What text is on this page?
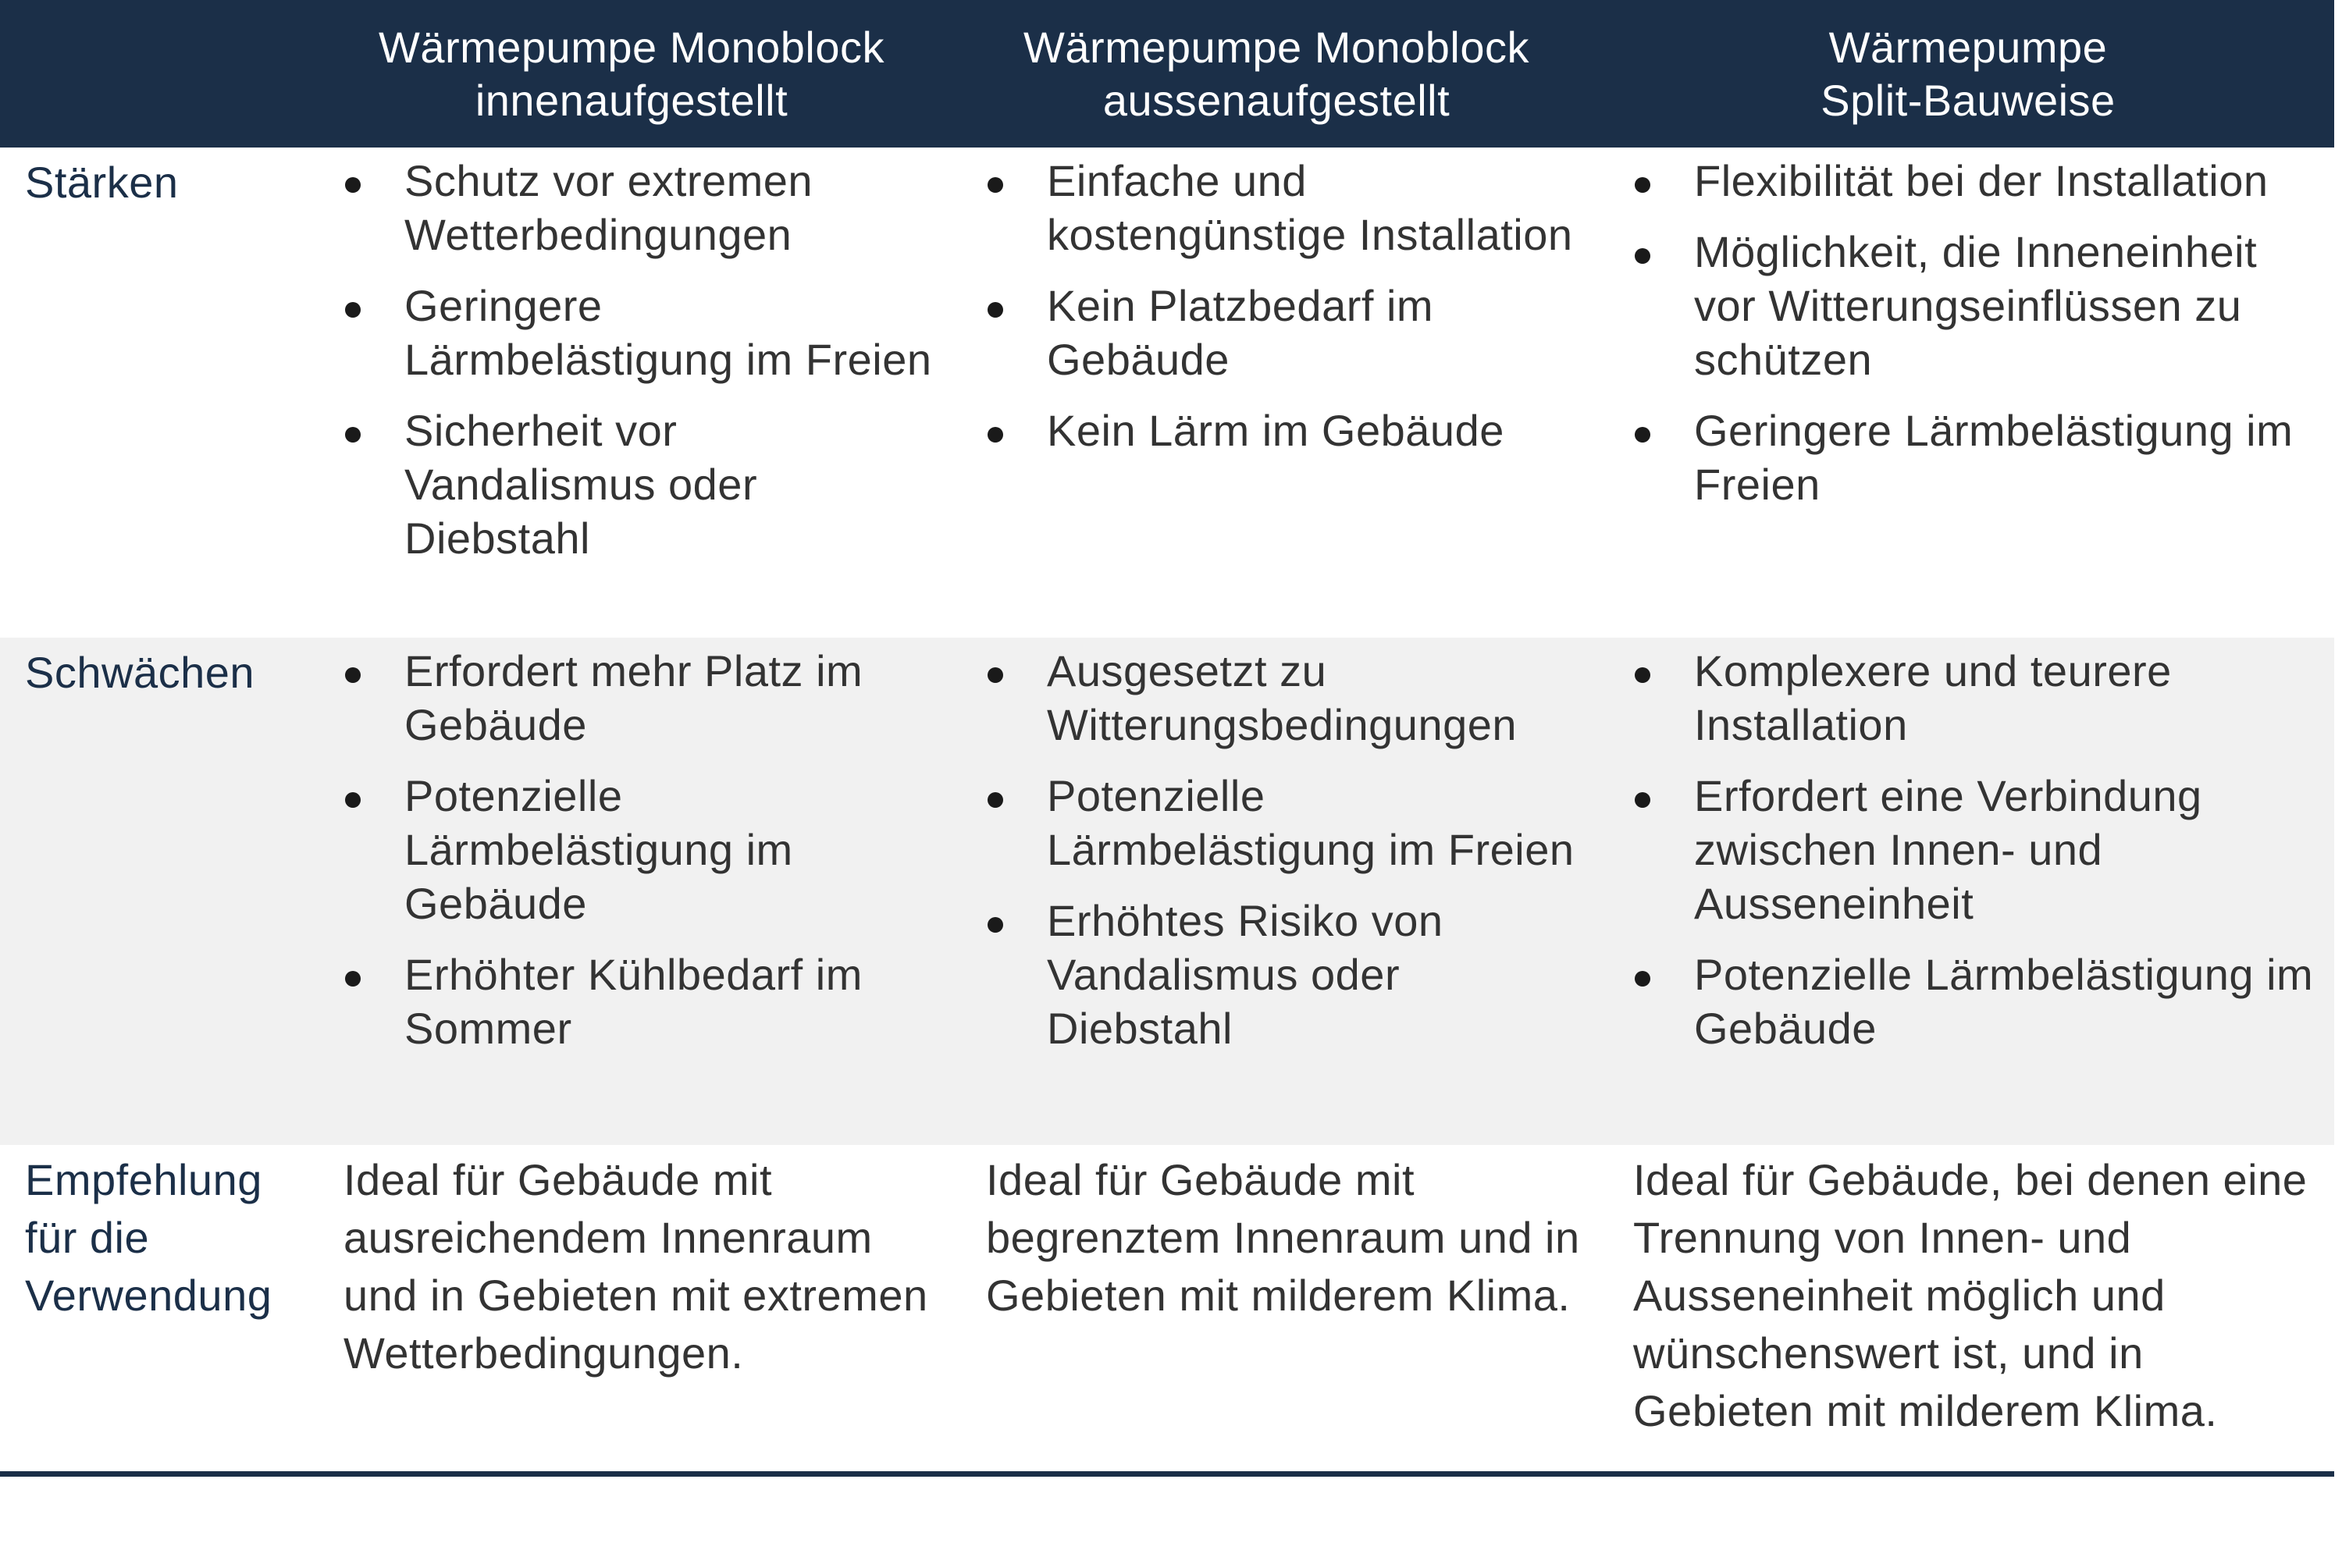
Wärmepumpe Monoblock
innenaufgestellt
Wärmepumpe Monoblock
aussenaufgestellt
Wärmepumpe
Split-Bauweise
Stärken	Schutz vor extremen Wetterbedingungen
Geringere Lärmbelästigung im Freien
Sicherheit vor Vandalismus oder Diebstahl
Einfache und kostengünstige Installation
Kein Platzbedarf im Gebäude
Kein Lärm im Gebäude
Flexibilität bei der Installation
Möglichkeit, die Inneneinheit vor Witterungseinflüssen zu schützen
Geringere Lärmbelästigung im Freien
Schwächen	Erfordert mehr Platz im Gebäude
Potenzielle Lärmbelästigung im Gebäude
Erhöhter Kühlbedarf im Sommer
Ausgesetzt zu Witterungsbedingungen
Potenzielle Lärmbelästigung im Freien
Erhöhtes Risiko von Vandalismus oder Diebstahl
Komplexere und teurere Installation
Erfordert eine Verbindung zwischen Innen- und Ausseneinheit
Potenzielle Lärmbelästigung im Gebäude
Empfehlung
für die
Verwendung
Ideal für Gebäude mit ausreichendem Innenraum und in Gebieten mit extremen Wetterbedingungen.
Ideal für Gebäude mit begrenztem Innenraum und in Gebieten mit milderem Klima.
Ideal für Gebäude, bei denen eine Trennung von Innen- und Ausseneinheit möglich und wünschenswert ist, und in Gebieten mit milderem Klima.
